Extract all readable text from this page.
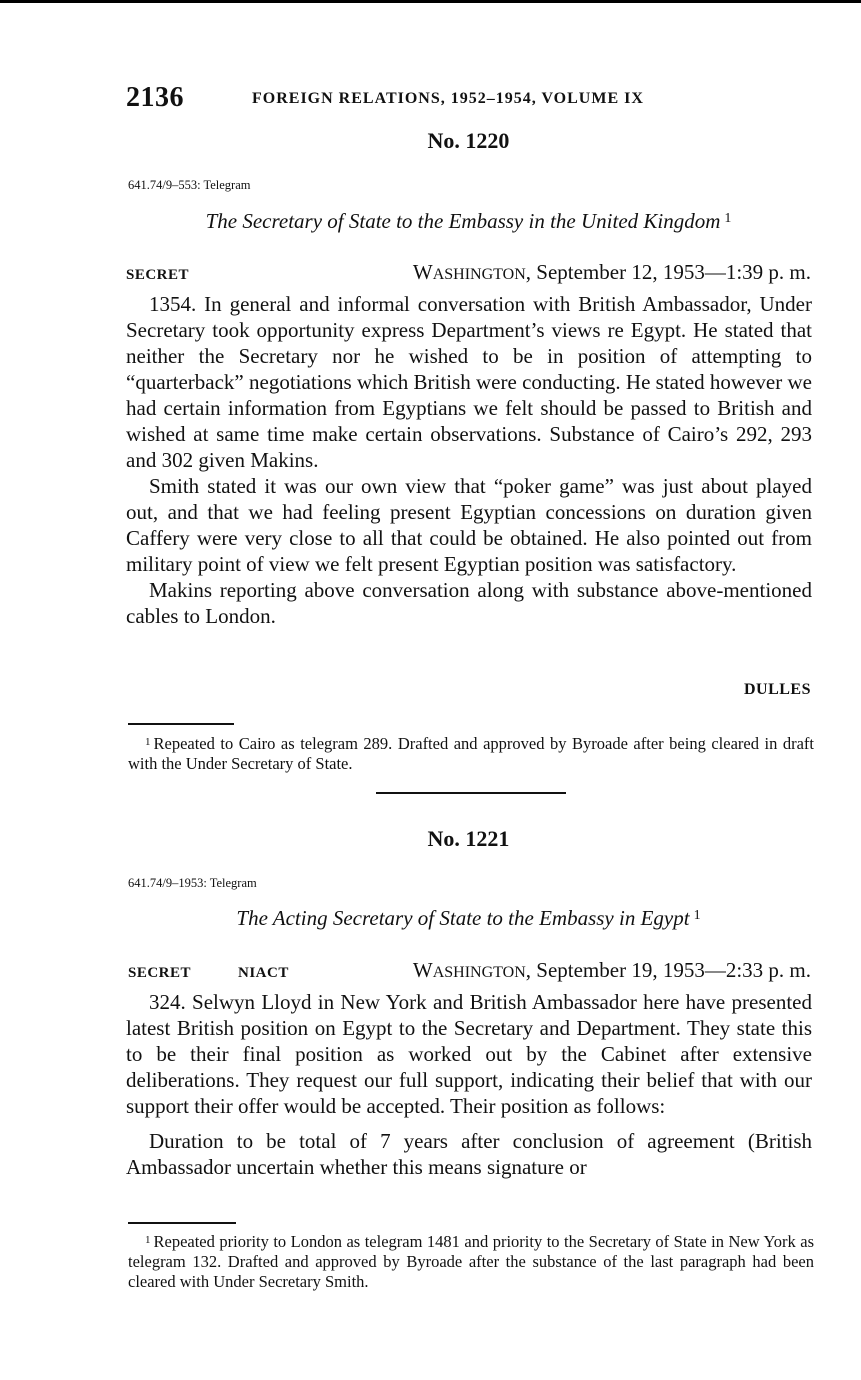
2136	FOREIGN RELATIONS, 1952–1954, VOLUME IX
No. 1220
641.74/9–553: Telegram
The Secretary of State to the Embassy in the United Kingdom $^1$
SECRET	WASHINGTON, September 12, 1953—1:39 p. m.

1354. In general and informal conversation with British Ambassador, Under Secretary took opportunity express Department’s views re Egypt. He stated that neither the Secretary nor he wished to be in position of attempting to “quarterback” negotiations which British were conducting. He stated however we had certain information from Egyptians we felt should be passed to British and wished at same time make certain observations. Substance of Cairo’s 292, 293 and 302 given Makins.

Smith stated it was our own view that “poker game” was just about played out, and that we had feeling present Egyptian concessions on duration given Caffery were very close to all that could be obtained. He also pointed out from military point of view we felt present Egyptian position was satisfactory.

Makins reporting above conversation along with substance above-mentioned cables to London.

DULLES

$^1$ Repeated to Cairo as telegram 289. Drafted and approved by Byroade after being cleared in draft with the Under Secretary of State.

No. 1221
641.74/9–1953: Telegram
The Acting Secretary of State to the Embassy in Egypt $^1$
SECRET	NIACT	WASHINGTON, September 19, 1953—2:33 p. m.

324. Selwyn Lloyd in New York and British Ambassador here have presented latest British position on Egypt to the Secretary and Department. They state this to be their final position as worked out by the Cabinet after extensive deliberations. They request our full support, indicating their belief that with our support their offer would be accepted. Their position as follows:

Duration to be total of 7 years after conclusion of agreement (British Ambassador uncertain whether this means signature or

$^1$ Repeated priority to London as telegram 1481 and priority to the Secretary of State in New York as telegram 132. Drafted and approved by Byroade after the substance of the last paragraph had been cleared with Under Secretary Smith.
